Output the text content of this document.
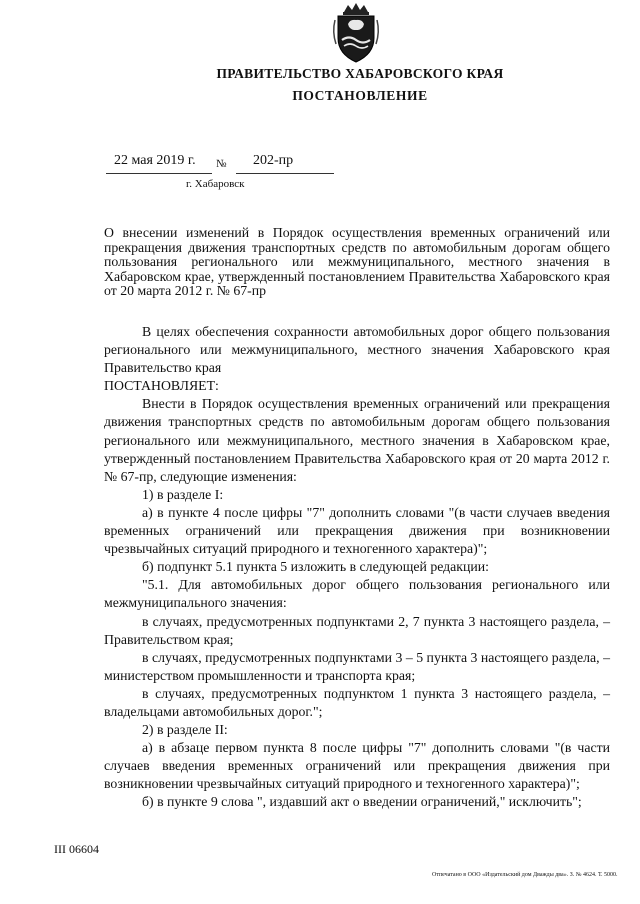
ПРАВИТЕЛЬСТВО ХАБАРОВСКОГО КРАЯ
ПОСТАНОВЛЕНИЕ
22 мая 2019 г. № 202-пр
г. Хабаровск
О внесении изменений в Порядок осуществления временных ограничений или прекращения движения транспортных средств по автомобильным дорогам общего пользования регионального или межмуниципального, местного значения в Хабаровском крае, утвержденный постановлением Правительства Хабаровского края от 20 марта 2012 г. № 67-пр

В целях обеспечения сохранности автомобильных дорог общего пользования регионального или межмуниципального, местного значения Хабаровского края Правительство края

ПОСТАНОВЛЯЕТ:

Внести в Порядок осуществления временных ограничений или прекращения движения транспортных средств по автомобильным дорогам общего пользования регионального или межмуниципального, местного значения в Хабаровском крае, утвержденный постановлением Правительства Хабаровского края от 20 марта 2012 г. № 67-пр, следующие изменения:

1) в разделе I:

а) в пункте 4 после цифры "7" дополнить словами "(в части случаев введения временных ограничений или прекращения движения при возникновении чрезвычайных ситуаций природного и техногенного характера)";

б) подпункт 5.1 пункта 5 изложить в следующей редакции:

"5.1. Для автомобильных дорог общего пользования регионального или межмуниципального значения:

в случаях, предусмотренных подпунктами 2, 7 пункта 3 настоящего раздела, – Правительством края;

в случаях, предусмотренных подпунктами 3 – 5 пункта 3 настоящего раздела, – министерством промышленности и транспорта края;

в случаях, предусмотренных подпунктом 1 пункта 3 настоящего раздела, – владельцами автомобильных дорог.";

2) в разделе II:

а) в абзаце первом пункта 8 после цифры "7" дополнить словами "(в части случаев введения временных ограничений или прекращения движения при возникновении чрезвычайных ситуаций природного и техногенного характера)";

б) в пункте 9 слова ", издавший акт о введении ограничений," исключить";

III 06604
Отпечатано в ООО «Издательский дом Дважды два». З. № 4624. Т. 5000.
